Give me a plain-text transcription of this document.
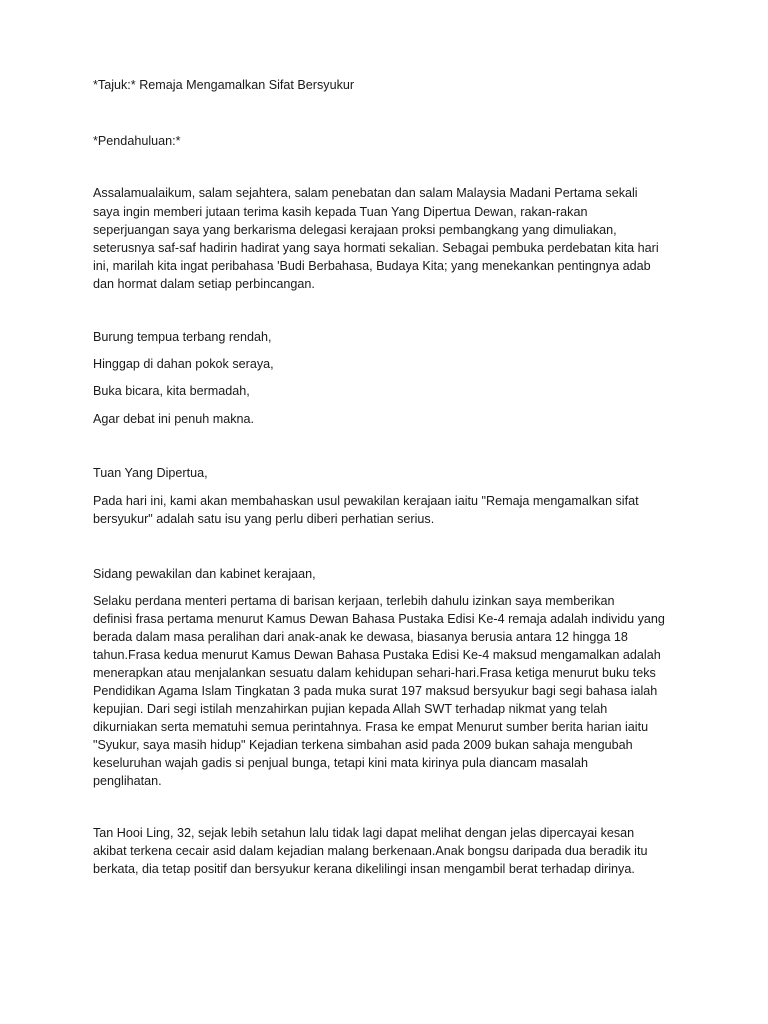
*Tajuk:* Remaja Mengamalkan Sifat Bersyukur
*Pendahuluan:*
Assalamualaikum, salam sejahtera, salam penebatan dan salam Malaysia Madani Pertama sekali
saya ingin memberi jutaan terima kasih kepada Tuan Yang Dipertua Dewan, rakan-rakan
seperjuangan saya yang berkarisma delegasi kerajaan proksi pembangkang yang dimuliakan,
seterusnya saf-saf hadirin hadirat yang saya hormati sekalian. Sebagai pembuka perdebatan kita hari
ini, marilah kita ingat peribahasa 'Budi Berbahasa, Budaya Kita; yang menekankan pentingnya adab
dan hormat dalam setiap perbincangan.
Burung tempua terbang rendah,
Hinggap di dahan pokok seraya,
Buka bicara, kita bermadah,
Agar debat ini penuh makna.
Tuan Yang Dipertua,
Pada hari ini, kami akan membahaskan usul pewakilan kerajaan iaitu "Remaja mengamalkan sifat
bersyukur" adalah satu isu yang perlu diberi perhatian serius.
Sidang pewakilan dan kabinet kerajaan,
Selaku perdana menteri pertama di barisan kerjaan, terlebih dahulu izinkan saya memberikan
definisi frasa pertama menurut Kamus Dewan Bahasa Pustaka Edisi Ke-4 remaja adalah individu yang
berada dalam masa peralihan dari anak-anak ke dewasa, biasanya berusia antara 12 hingga 18
tahun.Frasa kedua menurut Kamus Dewan Bahasa Pustaka Edisi Ke-4 maksud mengamalkan adalah
menerapkan atau menjalankan sesuatu dalam kehidupan sehari-hari.Frasa ketiga menurut buku teks
Pendidikan Agama Islam Tingkatan 3 pada muka surat 197 maksud bersyukur bagi segi bahasa ialah
kepujian. Dari segi istilah menzahirkan pujian kepada Allah SWT terhadap nikmat yang telah
dikurniakan serta mematuhi semua perintahnya. Frasa ke empat Menurut sumber berita harian iaitu
"Syukur, saya masih hidup" Kejadian terkena simbahan asid pada 2009 bukan sahaja mengubah
keseluruhan wajah gadis si penjual bunga, tetapi kini mata kirinya pula diancam masalah
penglihatan.
Tan Hooi Ling, 32, sejak lebih setahun lalu tidak lagi dapat melihat dengan jelas dipercayai kesan
akibat terkena cecair asid dalam kejadian malang berkenaan.Anak bongsu daripada dua beradik itu
berkata, dia tetap positif dan bersyukur kerana dikelilingi insan mengambil berat terhadap dirinya.
